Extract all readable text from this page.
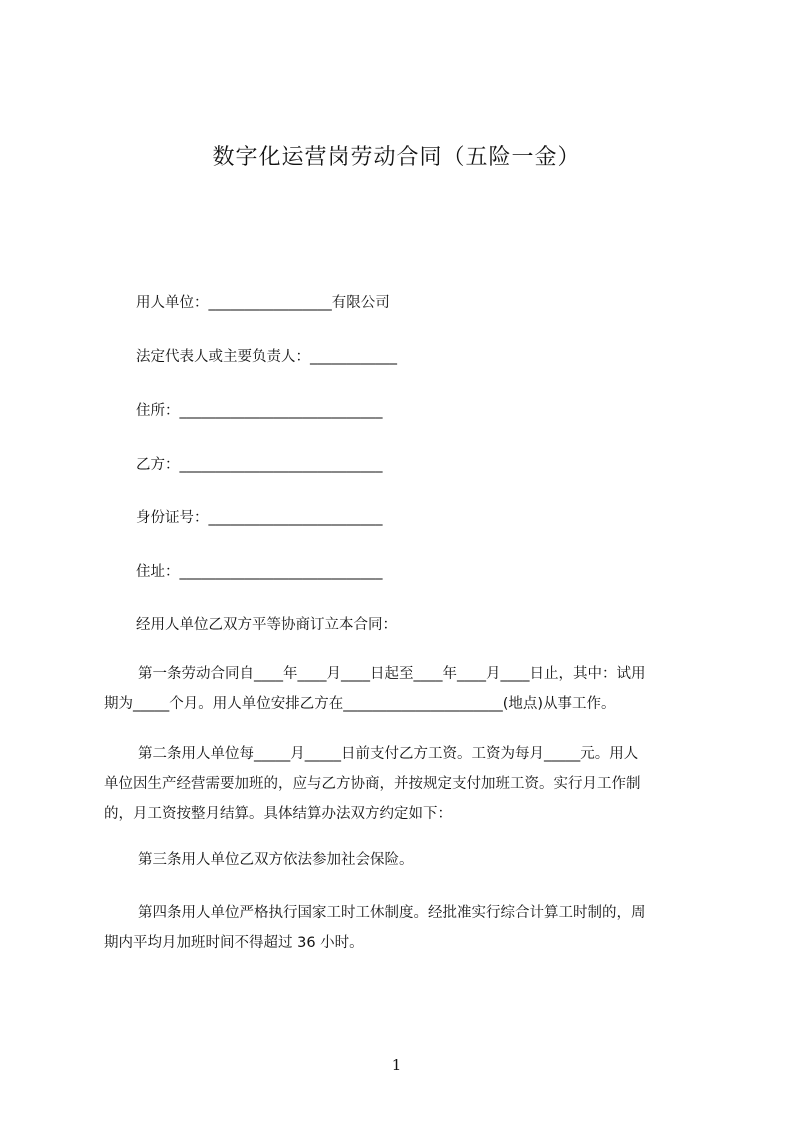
数字化运营岗劳动合同（五险一金）
用人单位：_________________有限公司
法定代表人或主要负责人：____________
住所：____________________________
乙方：____________________________
身份证号：________________________
住址：____________________________
经用人单位乙双方平等协商订立本合同：
第一条劳动合同自____年____月____日起至____年____月____日止，其中：试用
期为_____个月。用人单位安排乙方在______________________(地点)从事工作。
第二条用人单位每_____月_____日前支付乙方工资。工资为每月_____元。用人
单位因生产经营需要加班的，应与乙方协商，并按规定支付加班工资。实行月工作制
的，月工资按整月结算。具体结算办法双方约定如下：
第三条用人单位乙双方依法参加社会保险。
第四条用人单位严格执行国家工时工休制度。经批准实行综合计算工时制的，周
期内平均月加班时间不得超过 36 小时。
1
